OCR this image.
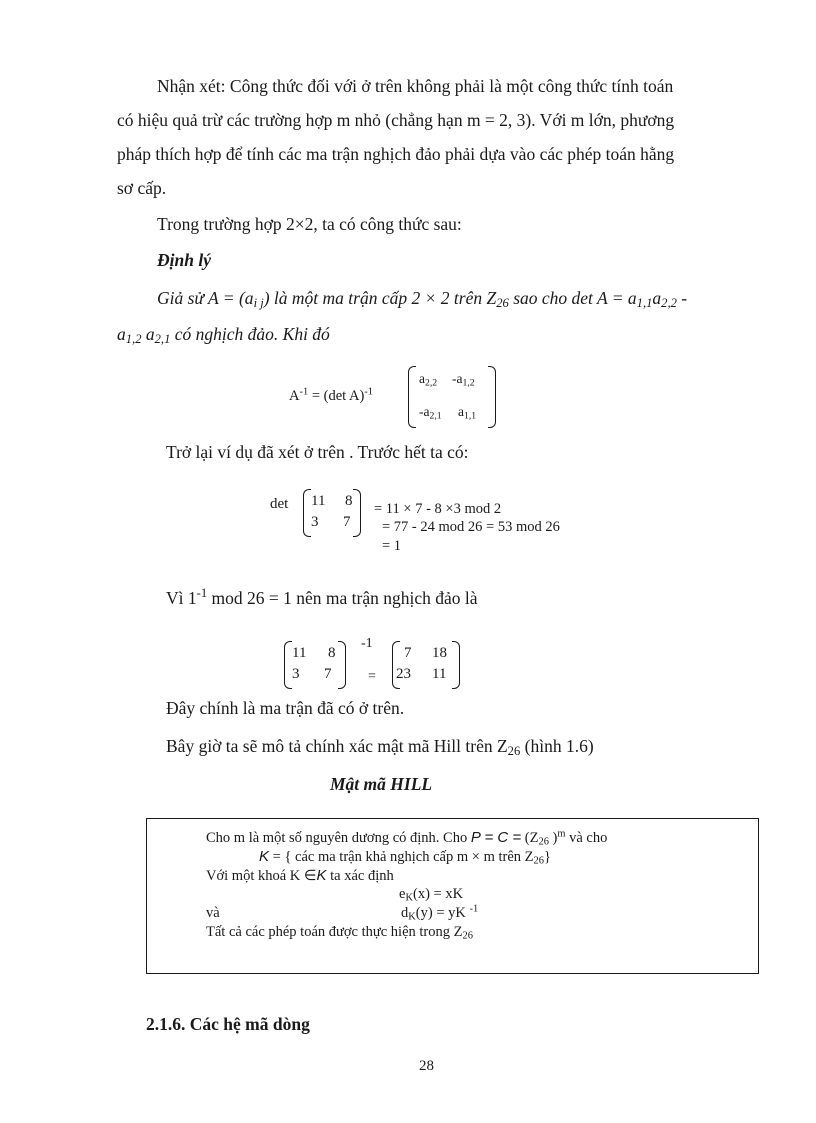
Nhận xét: Công thức đối với ở trên không phải là một công thức tính toán
có hiệu quả trừ các trường hợp m nhỏ (chẳng hạn m = 2, 3). Với m lớn, phương
pháp thích hợp để tính các ma trận nghịch đảo phải dựa vào các phép toán hằng
sơ cấp.
Trong trường hợp 2×2, ta có công thức sau:
Định lý
Giả sử $A = (a_{i j})$ là một ma trận cấp 2 × 2 trên $Z_{26}$ sao cho $\det A = a_{1,1}a_{2,2}$ -
$a_{1,2}$ $a_{2,1}$ có nghịch đảo. Khi đó
$A^{-1} = (\det$ A)$^{-1}$
$a_{2,2}$ $-a_{1,2}$
$-a_{2,1}$ $a_{1,1}$
Trở lại ví dụ đã xét ở trên . Trước hết ta có:
det 11 8
3 7
= 11 × 7 - 8 ×3 mod 2
= 77 - 24 mod 26 = 53 mod 26
= 1
Vì $1^{-1}$ mod 26 = 1 nên ma trận nghịch đảo là
11 8
3 7
-1
=
7 18
23 11
Đây chính là ma trận đã có ở trên.
Bây giờ ta sẽ mô tả chính xác mật mã Hill trên $Z_{26}$ (hình 1.6)
Mật mã HILL
Cho m là một số nguyên dương có định. Cho $P = C = (Z_{26}$ )$^m$ và cho
K = { các ma trận khả nghịch cấp m × m trên $Z_{26}$}
Với một khoá K ∈K ta xác định
$e_K(x)$ = xK
và	$d_K(y)$ = yK $^{-1}$
Tất cả các phép toán được thực hiện trong $Z_{26}$
2.1.6. Các hệ mã dòng
28
